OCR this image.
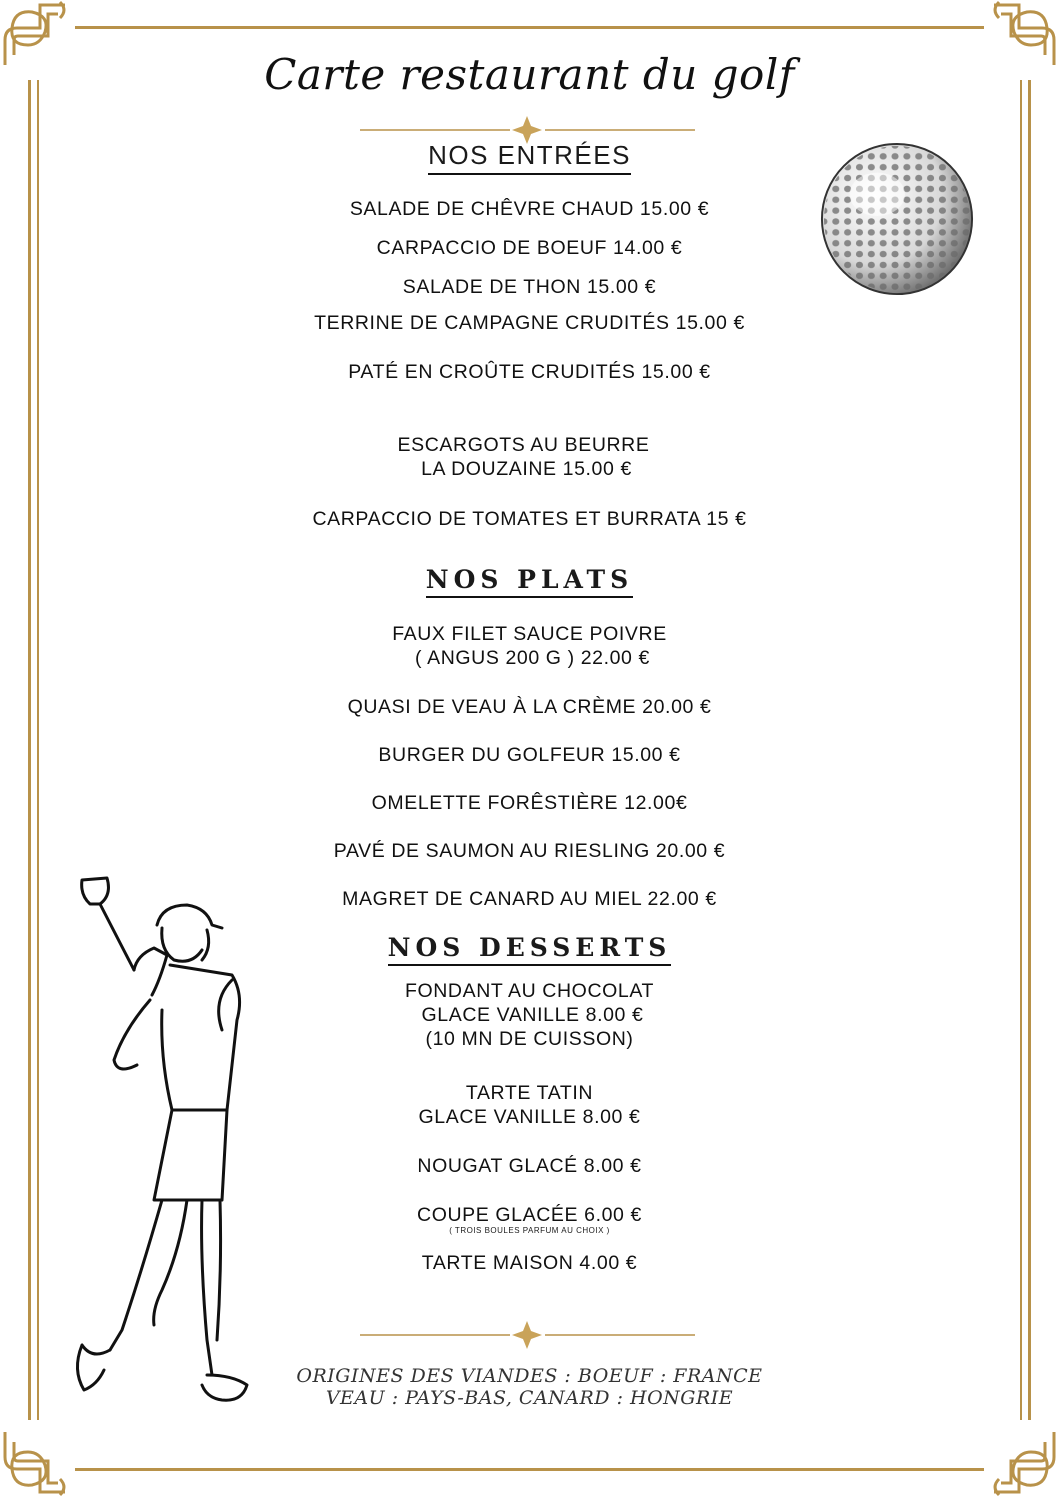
Carte restaurant du golf
NOS ENTRÉES
SALADE DE CHÊVRE CHAUD 15.00 €
CARPACCIO DE BOEUF 14.00 €
SALADE DE THON 15.00 €
TERRINE DE CAMPAGNE CRUDITÉS 15.00 €
PATÉ EN CROÛTE CRUDITÉS 15.00 €
ESCARGOTS AU BEURRE
LA DOUZAINE 15.00 €
CARPACCIO DE TOMATES ET BURRATA 15 €
NOS PLATS
FAUX FILET SAUCE POIVRE
( ANGUS 200 G ) 22.00 €
QUASI DE VEAU À LA CRÈME 20.00 €
BURGER DU GOLFEUR 15.00 €
OMELETTE FORÊSTIÈRE 12.00€
PAVÉ DE SAUMON AU RIESLING 20.00 €
MAGRET DE CANARD AU MIEL 22.00 €
NOS DESSERTS
FONDANT AU CHOCOLAT
GLACE VANILLE 8.00 €
(10 MN DE CUISSON)
TARTE TATIN
GLACE VANILLE 8.00 €
NOUGAT GLACÉ 8.00 €
COUPE GLACÉE 6.00 €
( TROIS BOULES PARFUM AU CHOIX )
TARTE MAISON 4.00 €
ORIGINES DES VIANDES : BOEUF : FRANCE
VEAU : PAYS-BAS, CANARD : HONGRIE
